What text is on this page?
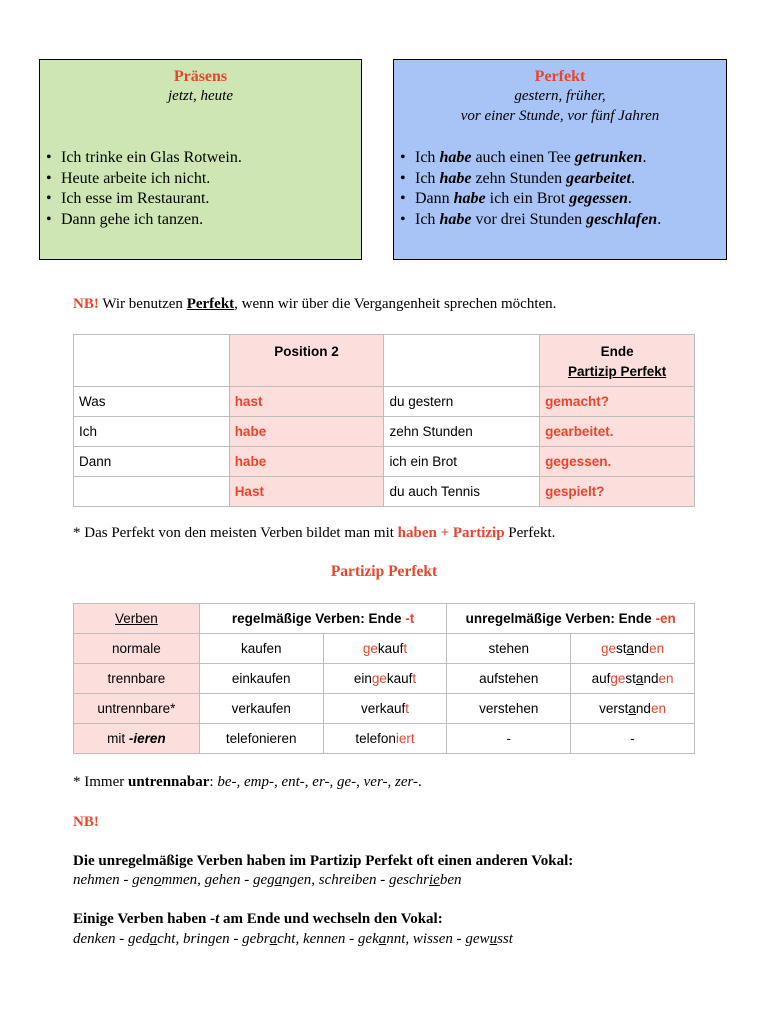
Präsens
jetzt, heute
• Ich trinke ein Glas Rotwein.
• Heute arbeite ich nicht.
• Ich esse im Restaurant.
• Dann gehe ich tanzen.
Perfekt
gestern, früher,
vor einer Stunde, vor fünf Jahren
• Ich habe auch einen Tee getrunken.
• Ich habe zehn Stunden gearbeitet.
• Dann habe ich ein Brot gegessen.
• Ich habe vor drei Stunden geschlafen.
NB! Wir benutzen Perfekt, wenn wir über die Vergangenheit sprechen möchten.
	Position 2		Ende
Partizip Perfekt

Was	hast	du gestern	gemacht?
Ich	habe	zehn Stunden	gearbeitet.
Dann	habe	ich ein Brot	gegessen.
	Hast	du auch Tennis	gespielt?
* Das Perfekt von den meisten Verben bildet man mit haben + Partizip Perfekt.
Partizip Perfekt
Verben	regelmäßige Verben: Ende -t		unregelmäßige Verben: Ende -en	
normale	kaufen	gekauft	stehen	gestanden
trennbare	einkaufen	eingekauft	aufstehen	aufgestanden
untrennbare*	verkaufen	verkauft	verstehen	verstanden
mit -ieren	telefonieren	telefoniert	-	-
* Immer untrennabar: be-, emp-, ent-, er-, ge-, ver-, zer-.
NB!
Die unregelmäßige Verben haben im Partizip Perfekt oft einen anderen Vokal:
nehmen - genommen, gehen - gegangen, schreiben - geschrieben
Einige Verben haben -t am Ende und wechseln den Vokal:
denken - gedacht, bringen - gebracht, kennen - gekannt, wissen - gewusst
